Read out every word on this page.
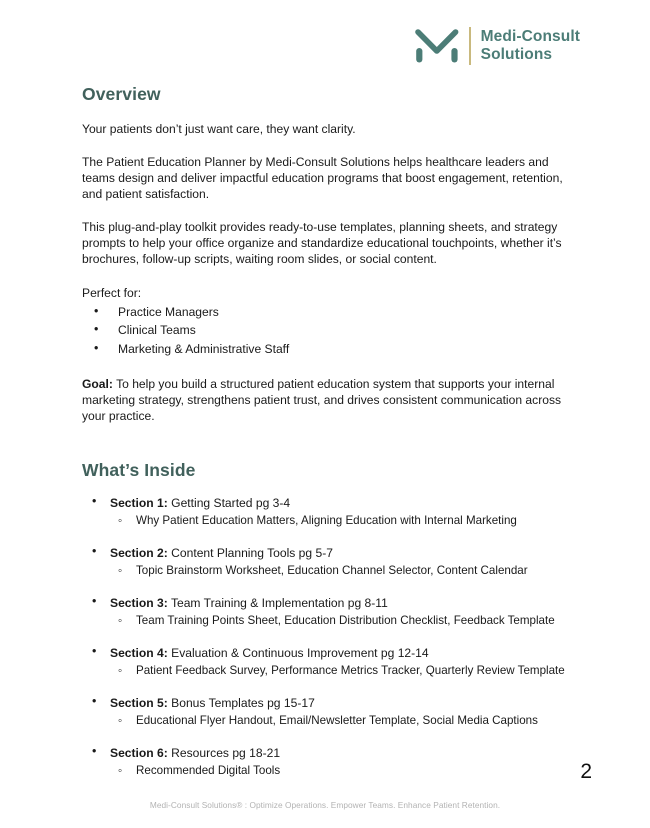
Medi-Consult
Solutions
Overview

Your patients don’t just want care, they want clarity.

The Patient Education Planner by Medi-Consult Solutions helps healthcare leaders and teams design and deliver impactful education programs that boost engagement, retention, and patient satisfaction.

This plug-and-play toolkit provides ready-to-use templates, planning sheets, and strategy prompts to help your office organize and standardize educational touchpoints, whether it’s brochures, follow-up scripts, waiting room slides, or social content.

Perfect for:

• Practice Managers
• Clinical Teams
• Marketing & Administrative Staff

Goal: To help you build a structured patient education system that supports your internal marketing strategy, strengthens patient trust, and drives consistent communication across your practice.

What’s Inside
• Section 1: Getting Started pg 3-4
◦ Why Patient Education Matters, Aligning Education with Internal Marketing
• Section 2: Content Planning Tools pg 5-7
◦ Topic Brainstorm Worksheet, Education Channel Selector, Content Calendar
• Section 3: Team Training & Implementation pg 8-11
◦ Team Training Points Sheet, Education Distribution Checklist, Feedback Template
• Section 4: Evaluation & Continuous Improvement pg 12-14
◦ Patient Feedback Survey, Performance Metrics Tracker, Quarterly Review Template
• Section 5: Bonus Templates pg 15-17
◦ Educational Flyer Handout, Email/Newsletter Template, Social Media Captions
• Section 6: Resources pg 18-21
◦ Recommended Digital Tools	2
Medi-Consult Solutions® : Optimize Operations. Empower Teams. Enhance Patient Retention.
